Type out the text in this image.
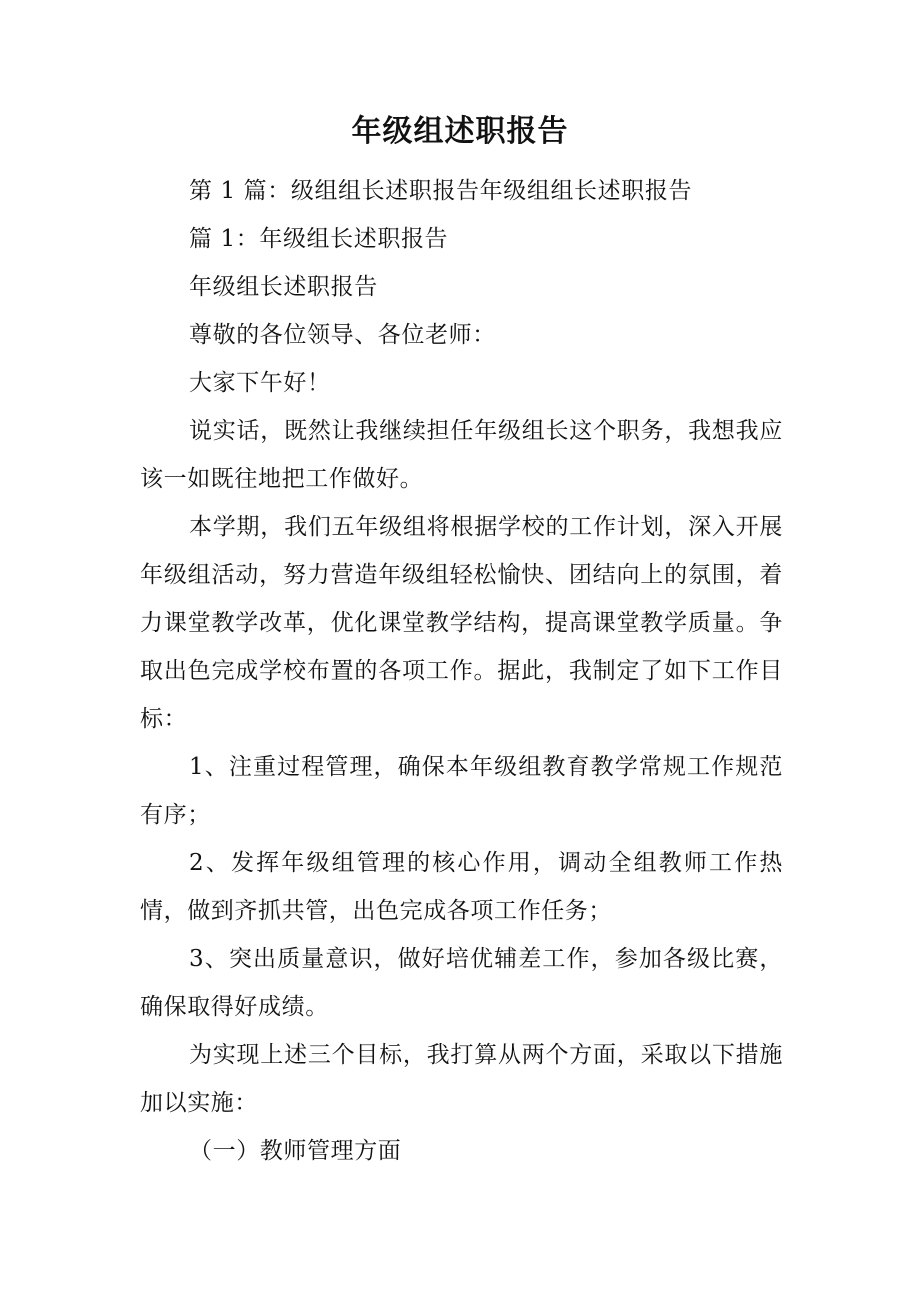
年级组述职报告

第 1 篇：级组组长述职报告年级组组长述职报告

篇 1：年级组长述职报告

年级组长述职报告

尊敬的各位领导、各位老师：

大家下午好！

说实话，既然让我继续担任年级组长这个职务，我想我应该一如既往地把工作做好。

本学期，我们五年级组将根据学校的工作计划，深入开展年级组活动，努力营造年级组轻松愉快、团结向上的氛围，着力课堂教学改革，优化课堂教学结构，提高课堂教学质量。争取出色完成学校布置的各项工作。据此，我制定了如下工作目标：

1、注重过程管理，确保本年级组教育教学常规工作规范有序；

2、发挥年级组管理的核心作用，调动全组教师工作热情，做到齐抓共管，出色完成各项工作任务；

3、突出质量意识，做好培优辅差工作，参加各级比赛，确保取得好成绩。

为实现上述三个目标，我打算从两个方面，采取以下措施加以实施：

（一）教师管理方面
